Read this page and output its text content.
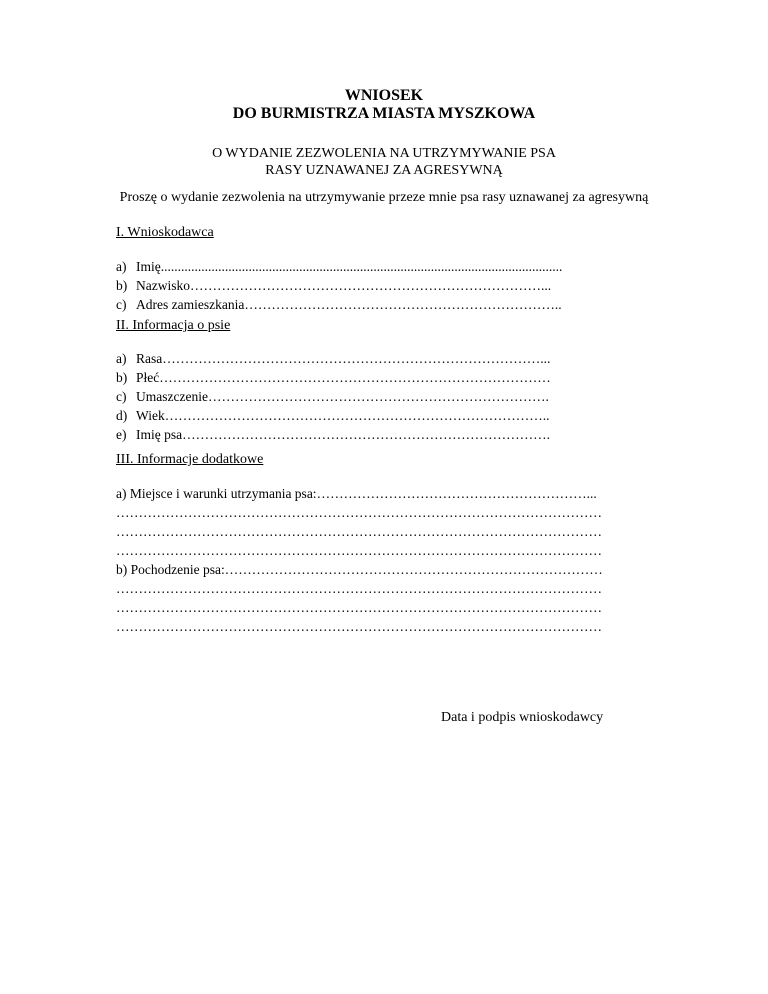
WNIOSEK
DO BURMISTRZA MIASTA MYSZKOWA
O WYDANIE ZEZWOLENIA NA UTRZYMYWANIE PSA
RASY UZNAWANEJ ZA AGRESYWNĄ
Proszę o wydanie zezwolenia na utrzymywanie przeze mnie psa rasy uznawanej za agresywną
I. Wnioskodawca
a) Imię .......................................................................................................................
b) Nazwisko ……………………………………………………………………...
c) Adres zamieszkania ……………………………………………………………..
II. Informacja o psie
a) Rasa …………………………………………………………………………...
b) Płeć ……………………………………………………………………………
c) Umaszczenie ………………………………………………………………….
d) Wiek …………………………………………………………………………..
e) Imię psa ……………………………………………………………………….
III. Informacje dodatkowe
a) Miejsce i warunki utrzymania psa:……………………………………………………...
………………………………………………………………………………………………
………………………………………………………………………………………………
………………………………………………………………………………………………
b) Pochodzenie psa:…………………………………………………………………………
………………………………………………………………………………………………
………………………………………………………………………………………………
………………………………………………………………………………………………
Data i podpis wnioskodawcy
